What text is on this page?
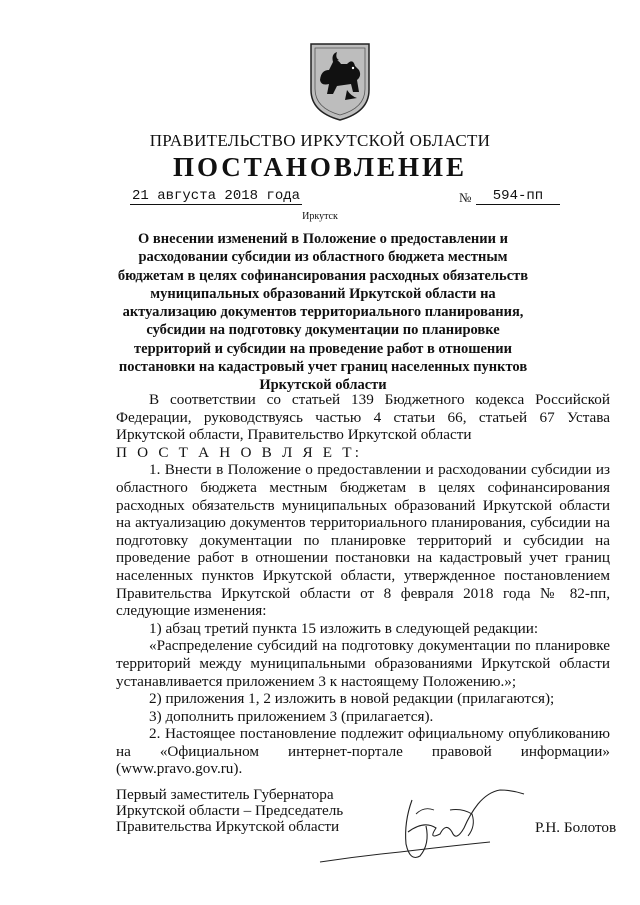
ПРАВИТЕЛЬСТВО ИРКУТСКОЙ ОБЛАСТИ
ПОСТАНОВЛЕНИЕ
21 августа 2018 года	№	594-пп
Иркутск
О внесении изменений в Положение о предоставлении и расходовании субсидии из областного бюджета местным бюджетам в целях софинансирования расходных обязательств муниципальных образований Иркутской области на актуализацию документов территориального планирования, субсидии на подготовку документации по планировке территорий и субсидии на проведение работ в отношении постановки на кадастровый учет границ населенных пунктов Иркутской области

В соответствии со статьей 139 Бюджетного кодекса Российской Федерации, руководствуясь частью 4 статьи 66, статьей 67 Устава Иркутской области, Правительство Иркутской области

П О С Т А Н О В Л Я Е Т:

1. Внести в Положение о предоставлении и расходовании субсидии из областного бюджета местным бюджетам в целях софинансирования расходных обязательств муниципальных образований Иркутской области на актуализацию документов территориального планирования, субсидии на подготовку документации по планировке территорий и субсидии на проведение работ в отношении постановки на кадастровый учет границ населенных пунктов Иркутской области, утвержденное постановлением Правительства Иркутской области от 8 февраля 2018 года № 82-пп, следующие изменения:

1) абзац третий пункта 15 изложить в следующей редакции:

«Распределение субсидий на подготовку документации по планировке территорий между муниципальными образованиями Иркутской области устанавливается приложением 3 к настоящему Положению.»;

2) приложения 1, 2 изложить в новой редакции (прилагаются);

3) дополнить приложением 3 (прилагается).

2. Настоящее постановление подлежит официальному опубликованию на «Официальном интернет-портале правовой информации» (www.pravo.gov.ru).

Первый заместитель Губернатора
Иркутской области – Председатель
Правительства Иркутской области	Р.Н. Болотов
